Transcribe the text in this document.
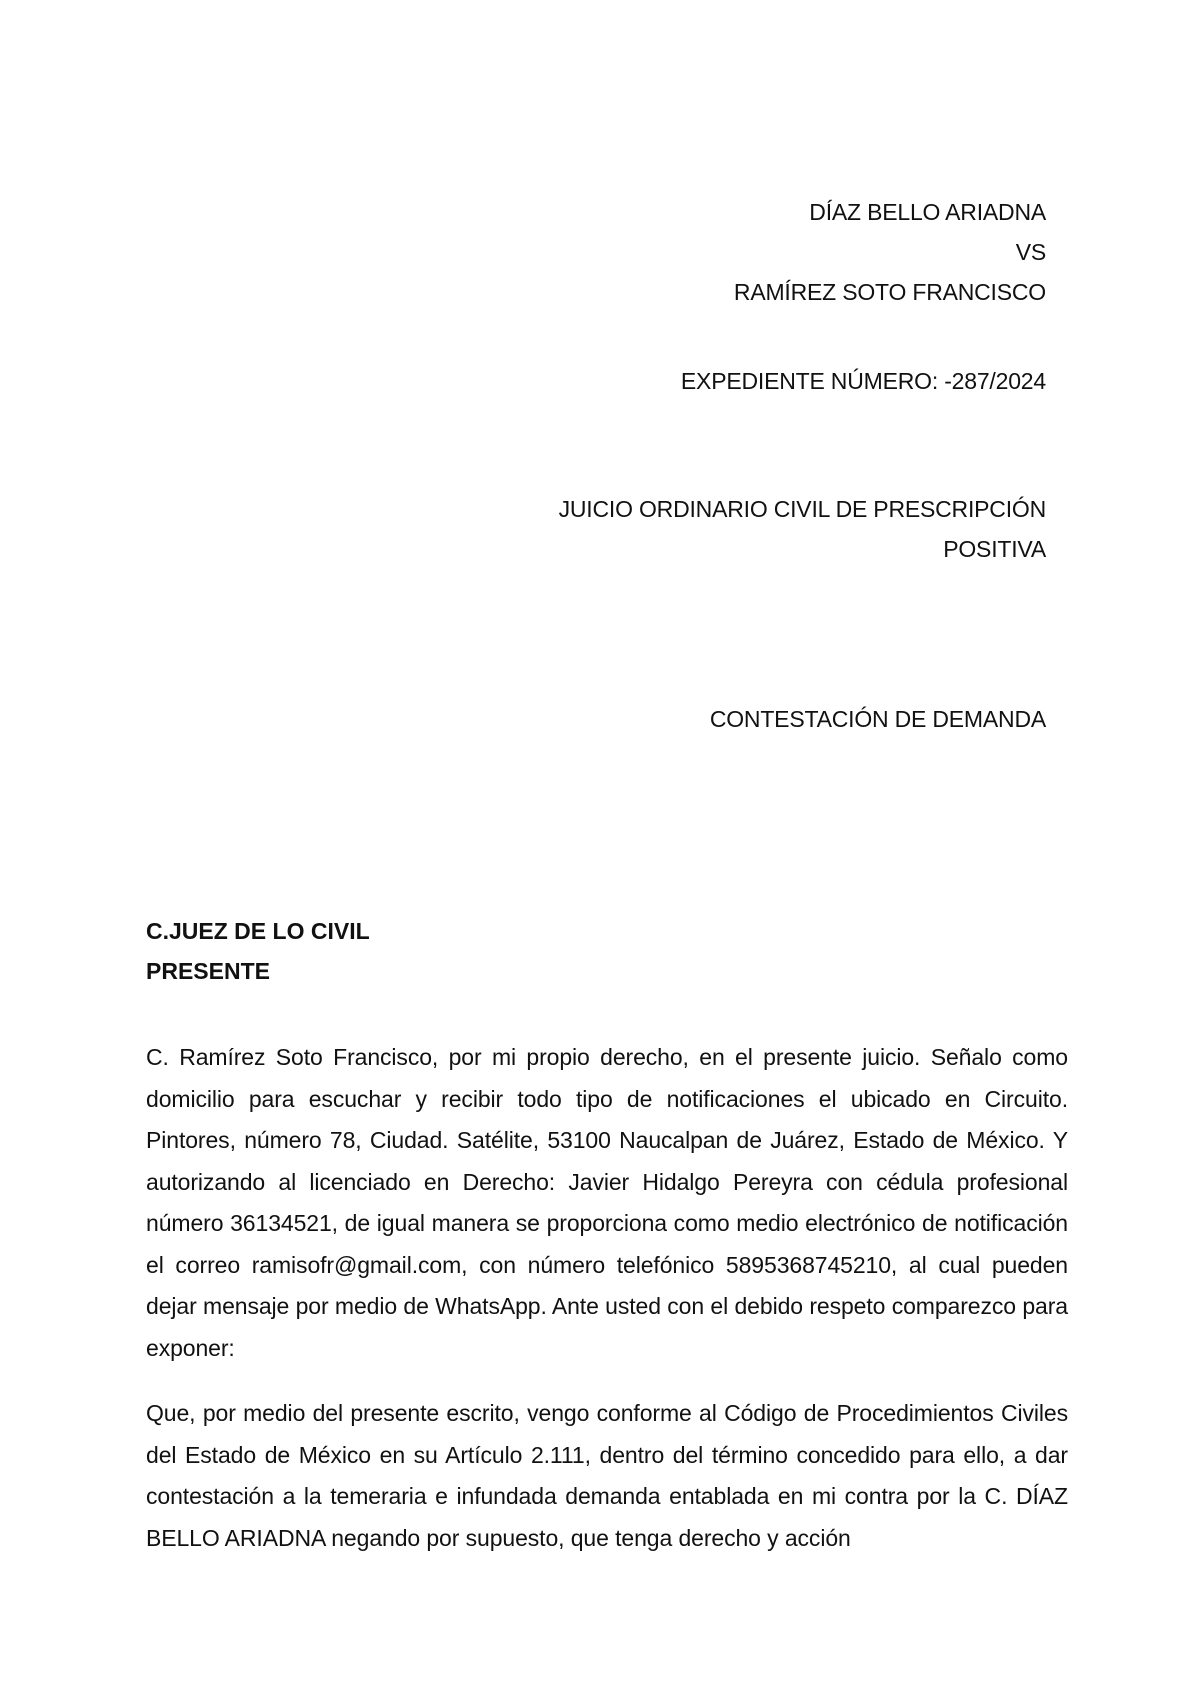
DÍAZ BELLO ARIADNA
VS
RAMÍREZ SOTO FRANCISCO
EXPEDIENTE NÚMERO: -287/2024
JUICIO ORDINARIO CIVIL DE PRESCRIPCIÓN
POSITIVA
CONTESTACIÓN DE DEMANDA
C.JUEZ DE LO CIVIL
PRESENTE

C. Ramírez Soto Francisco, por mi propio derecho, en el presente juicio. Señalo como domicilio para escuchar y recibir todo tipo de notificaciones el ubicado en Circuito. Pintores, número 78, Ciudad. Satélite, 53100 Naucalpan de Juárez, Estado de México. Y autorizando al licenciado en Derecho: Javier Hidalgo Pereyra con cédula profesional número 36134521, de igual manera se proporciona como medio electrónico de notificación el correo ramisofr@gmail.com, con número telefónico 5895368745210, al cual pueden dejar mensaje por medio de WhatsApp. Ante usted con el debido respeto comparezco para exponer:

Que, por medio del presente escrito, vengo conforme al Código de Procedimientos Civiles del Estado de México en su Artículo 2.111, dentro del término concedido para ello, a dar contestación a la temeraria e infundada demanda entablada en mi contra por la C. DÍAZ BELLO ARIADNA negando por supuesto, que tenga derecho y acción
